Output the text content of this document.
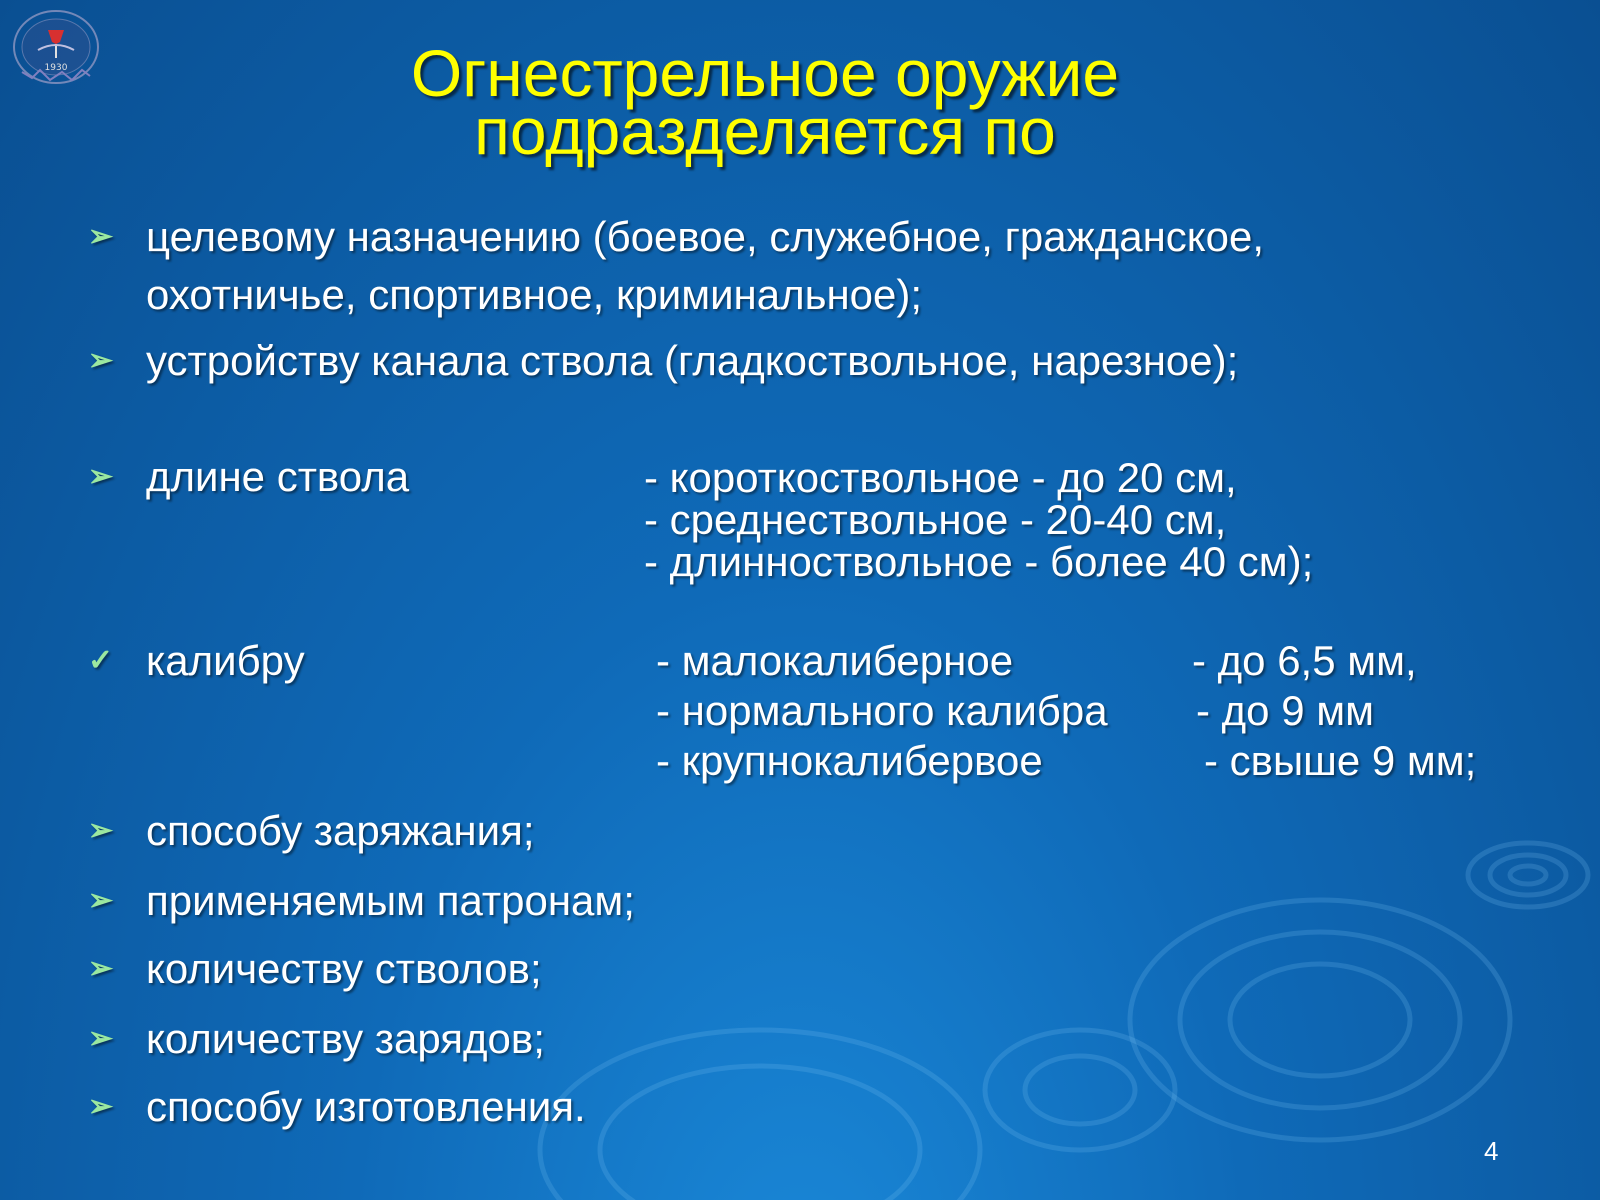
1930	Огнестрельное оружие
подразделяется по
➢ целевому назначению (боевое, служебное, гражданское,
охотничье, спортивное, криминальное);
➢ устройству канала ствола (гладкоствольное, нарезное);
➢ длине ствола	- короткоствольное - до 20 см,
- среднествольное - 20-40 см,
- длинноствольное - более 40 см);
✓ калибру	- малокалиберное	- до 6,5 мм,
- нормального калибра - до 9 мм
- крупнокалибервое	- свыше 9 мм;
➢ способу заряжания;
➢ применяемым патронам;
➢ количеству стволов;
➢ количеству зарядов;
➢ способу изготовления.
4
